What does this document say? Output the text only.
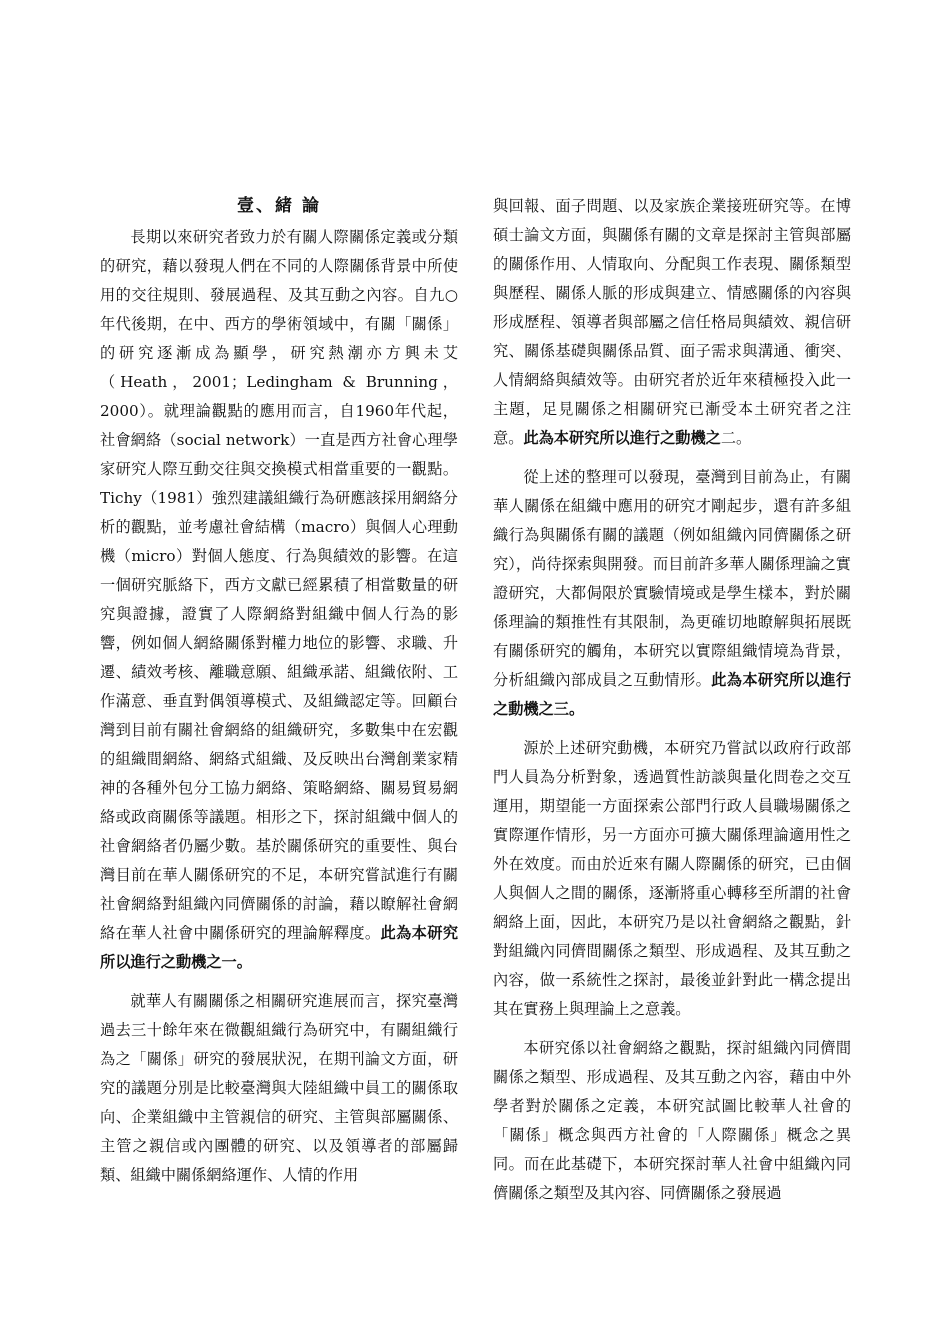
壹、緒 論

長期以來研究者致力於有關人際關係定義或分類的研究，藉以發現人們在不同的人際關係背景中所使用的交往規則、發展過程、及其互動之內容。自九○年代後期，在中、西方的學術領域中，有關「關係」的研究逐漸成為顯學，研究熱潮亦方興未艾（Heath，2001；Ledingham & Brunning，2000）。就理論觀點的應用而言，自1960年代起，社會網絡（social network）一直是西方社會心理學家研究人際互動交往與交換模式相當重要的一觀點。Tichy（1981）強烈建議組織行為研應該採用網絡分析的觀點，並考慮社會結構（macro）與個人心理動機（micro）對個人態度、行為與績效的影響。在這一個研究脈絡下，西方文獻已經累積了相當數量的研究與證據，證實了人際網絡對組織中個人行為的影響，例如個人網絡關係對權力地位的影響、求職、升遷、績效考核、離職意願、組織承諾、組織依附、工作滿意、垂直對偶領導模式、及組織認定等。回顧台灣到目前有關社會網絡的組織研究，多數集中在宏觀的組織間網絡、網絡式組織、及反映出台灣創業家精神的各種外包分工協力網絡、策略網絡、關易貿易網絡或政商關係等議題。相形之下，探討組織中個人的社會網絡者仍屬少數。基於關係研究的重要性、與台灣目前在華人關係研究的不足，本研究嘗試進行有關社會網絡對組織內同儕關係的討論，藉以瞭解社會網絡在華人社會中關係研究的理論解釋度。此為本研究所以進行之動機之一。

就華人有關關係之相關研究進展而言，探究臺灣過去三十餘年來在微觀組織行為研究中，有關組織行為之「關係」研究的發展狀況，在期刊論文方面，研究的議題分別是比較臺灣與大陸組織中員工的關係取向、企業組織中主管親信的研究、主管與部屬關係、主管之親信或內團體的研究、以及領導者的部屬歸類、組織中關係網絡運作、人情的作用

與回報、面子問題、以及家族企業接班研究等。在博碩士論文方面，與關係有關的文章是探討主管與部屬的關係作用、人情取向、分配與工作表現、關係類型與歷程、關係人脈的形成與建立、情感關係的內容與形成歷程、領導者與部屬之信任格局與績效、親信研究、關係基礎與關係品質、面子需求與溝通、衝突、人情網絡與績效等。由研究者於近年來積極投入此一主題，足見關係之相關研究已漸受本土研究者之注意。此為本研究所以進行之動機之二。

從上述的整理可以發現，臺灣到目前為止，有關華人關係在組織中應用的研究才剛起步，還有許多組織行為與關係有關的議題（例如組織內同儕關係之研究），尚待探索與開發。而目前許多華人關係理論之實證研究，大都侷限於實驗情境或是學生樣本，對於關係理論的類推性有其限制，為更確切地瞭解與拓展既有關係研究的觸角，本研究以實際組織情境為背景，分析組織內部成員之互動情形。此為本研究所以進行之動機之三。

源於上述研究動機，本研究乃嘗試以政府行政部門人員為分析對象，透過質性訪談與量化問卷之交互運用，期望能一方面探索公部門行政人員職場關係之實際運作情形，另一方面亦可擴大關係理論適用性之外在效度。而由於近來有關人際關係的研究，已由個人與個人之間的關係，逐漸將重心轉移至所謂的社會網絡上面，因此，本研究乃是以社會網絡之觀點，針對組織內同儕間關係之類型、形成過程、及其互動之內容，做一系統性之探討，最後並針對此一構念提出其在實務上與理論上之意義。

本研究係以社會網絡之觀點，探討組織內同儕間關係之類型、形成過程、及其互動之內容，藉由中外學者對於關係之定義，本研究試圖比較華人社會的「關係」概念與西方社會的「人際關係」概念之異同。而在此基礎下，本研究探討華人社會中組織內同儕關係之類型及其內容、同儕關係之發展過
